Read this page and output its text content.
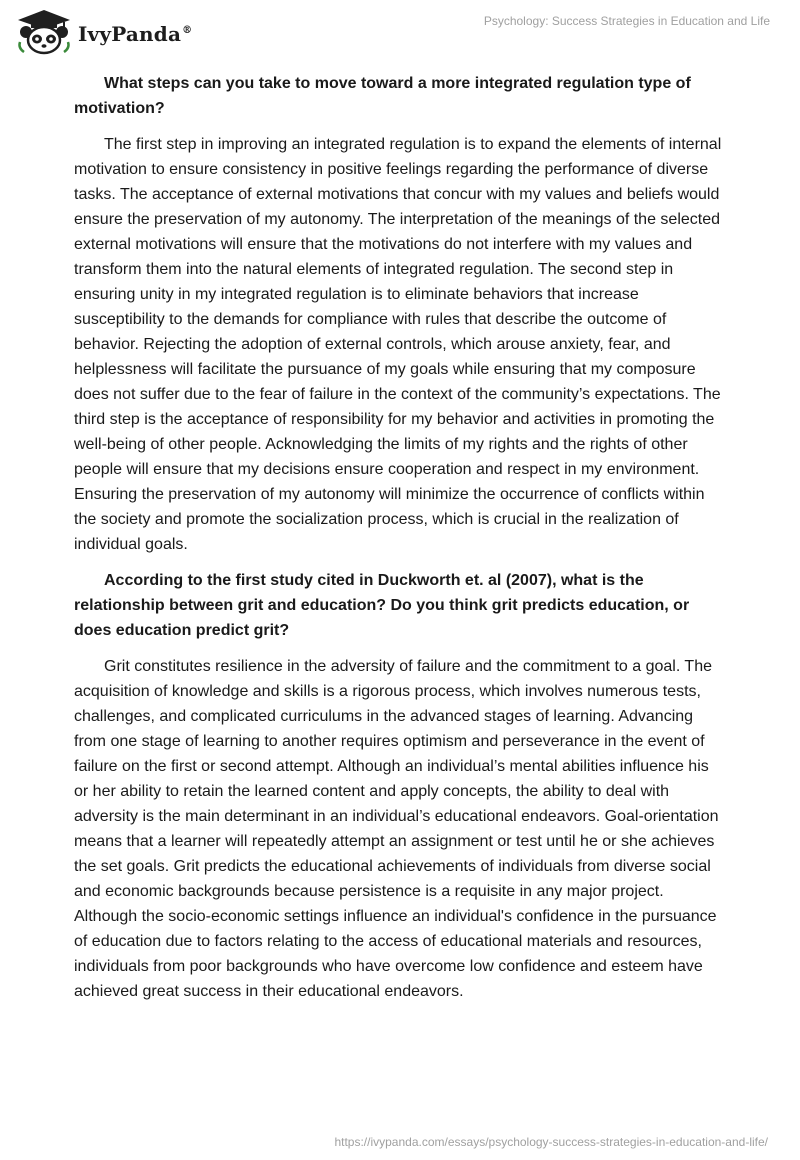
IvyPanda®
Psychology: Success Strategies in Education and Life

What steps can you take to move toward a more integrated regulation type of motivation?

The first step in improving an integrated regulation is to expand the elements of internal motivation to ensure consistency in positive feelings regarding the performance of diverse tasks. The acceptance of external motivations that concur with my values and beliefs would ensure the preservation of my autonomy. The interpretation of the meanings of the selected external motivations will ensure that the motivations do not interfere with my values and transform them into the natural elements of integrated regulation. The second step in ensuring unity in my integrated regulation is to eliminate behaviors that increase susceptibility to the demands for compliance with rules that describe the outcome of behavior. Rejecting the adoption of external controls, which arouse anxiety, fear, and helplessness will facilitate the pursuance of my goals while ensuring that my composure does not suffer due to the fear of failure in the context of the community’s expectations. The third step is the acceptance of responsibility for my behavior and activities in promoting the well-being of other people. Acknowledging the limits of my rights and the rights of other people will ensure that my decisions ensure cooperation and respect in my environment. Ensuring the preservation of my autonomy will minimize the occurrence of conflicts within the society and promote the socialization process, which is crucial in the realization of individual goals.

According to the first study cited in Duckworth et. al (2007), what is the relationship between grit and education? Do you think grit predicts education, or does education predict grit?

Grit constitutes resilience in the adversity of failure and the commitment to a goal. The acquisition of knowledge and skills is a rigorous process, which involves numerous tests, challenges, and complicated curriculums in the advanced stages of learning. Advancing from one stage of learning to another requires optimism and perseverance in the event of failure on the first or second attempt. Although an individual’s mental abilities influence his or her ability to retain the learned content and apply concepts, the ability to deal with adversity is the main determinant in an individual’s educational endeavors. Goal-orientation means that a learner will repeatedly attempt an assignment or test until he or she achieves the set goals. Grit predicts the educational achievements of individuals from diverse social and economic backgrounds because persistence is a requisite in any major project. Although the socio-economic settings influence an individual's confidence in the pursuance of education due to factors relating to the access of educational materials and resources, individuals from poor backgrounds who have overcome low confidence and esteem have achieved great success in their educational endeavors.

https://ivypanda.com/essays/psychology-success-strategies-in-education-and-life/
